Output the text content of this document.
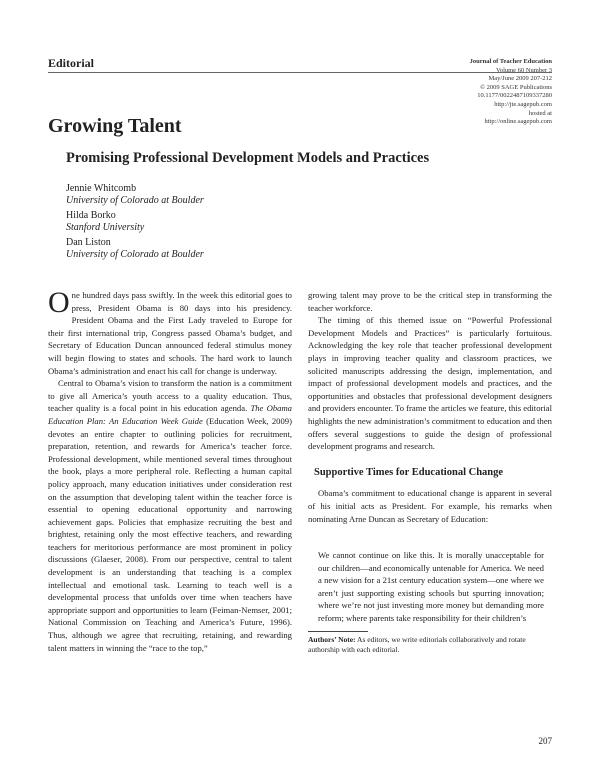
Editorial	Journal of Teacher Education
Volume 60 Number 3
May/June 2009 207-212
© 2009 SAGE Publications
10.1177/0022487109337280
http://jte.sagepub.com
hosted at
http://online.sagepub.com
Growing Talent
Promising Professional Development Models and Practices
Jennie Whitcomb
University of Colorado at Boulder
Hilda Borko
Stanford University
Dan Liston
University of Colorado at Boulder

One hundred days pass swiftly. In the week this editorial goes to press, President Obama is 80 days into his presidency. President Obama and the First Lady traveled to Europe for their first international trip, Congress passed Obama’s budget, and Secretary of Education Duncan announced federal stimulus money will begin flowing to states and schools. The hard work to launch Obama’s administration and enact his call for change is underway.

Central to Obama’s vision to transform the nation is a commitment to give all America’s youth access to a quality education. Thus, teacher quality is a focal point in his education agenda. The Obama Education Plan: An Education Week Guide (Education Week, 2009) devotes an entire chapter to outlining policies for recruitment, preparation, retention, and rewards for America’s teacher force. Professional development, while mentioned several times throughout the book, plays a more peripheral role. Reflecting a human capital policy approach, many education initiatives under consideration rest on the assumption that developing talent within the teacher force is essential to opening educational opportunity and narrowing achievement gaps. Policies that emphasize recruiting the best and brightest, retaining only the most effective teachers, and rewarding teachers for meritorious performance are most prominent in policy discussions (Glaeser, 2008). From our perspective, central to talent development is an understanding that teaching is a complex intellectual and emotional task. Learning to teach well is a developmental process that unfolds over time when teachers have appropriate support and opportunities to learn (Feiman-Nemser, 2001; National Commission on Teaching and America’s Future, 1996). Thus, although we agree that recruiting, retaining, and rewarding talent matters in winning the “race to the top,”

growing talent may prove to be the critical step in transforming the teacher workforce.

The timing of this themed issue on “Powerful Professional Development Models and Practices” is particularly fortuitous. Acknowledging the key role that teacher professional development plays in improving teacher quality and classroom practices, we solicited manuscripts addressing the design, implementation, and impact of professional development models and practices, and the opportunities and obstacles that professional development designers and providers encounter. To frame the articles we feature, this editorial highlights the new administration’s commitment to education and then offers several suggestions to guide the design of professional development programs and research.

Supportive Times for Educational Change

Obama’s commitment to educational change is apparent in several of his initial acts as President. For example, his remarks when nominating Arne Duncan as Secretary of Education:

We cannot continue on like this. It is morally unacceptable for our children—and economically untenable for America. We need a new vision for a 21st century education system—one where we aren’t just supporting existing schools but spurring innovation; where we’re not just investing more money but demanding more reform; where parents take responsibility for their children’s

Authors’ Note: As editors, we write editorials collaboratively and rotate authorship with each editorial.
207
